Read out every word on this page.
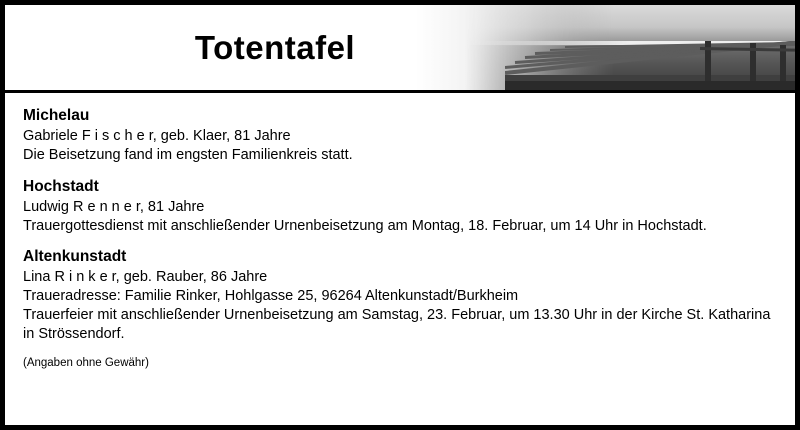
Totentafel
Michelau
Gabriele F i s c h e r, geb. Klaer, 81 Jahre
Die Beisetzung fand im engsten Familienkreis statt.
Hochstadt
Ludwig R e n n e r, 81 Jahre
Trauergottesdienst mit anschließender Urnenbeisetzung am Montag, 18. Februar, um 14 Uhr in Hochstadt.
Altenkunstadt
Lina R i n k e r, geb. Rauber, 86 Jahre
Traueradresse: Familie Rinker, Hohlgasse 25, 96264 Altenkunstadt/Burkheim
Trauerfeier mit anschließender Urnenbeisetzung am Samstag, 23. Februar, um 13.30 Uhr in der Kirche St. Katharina in Strössendorf.
(Angaben ohne Gewähr)
